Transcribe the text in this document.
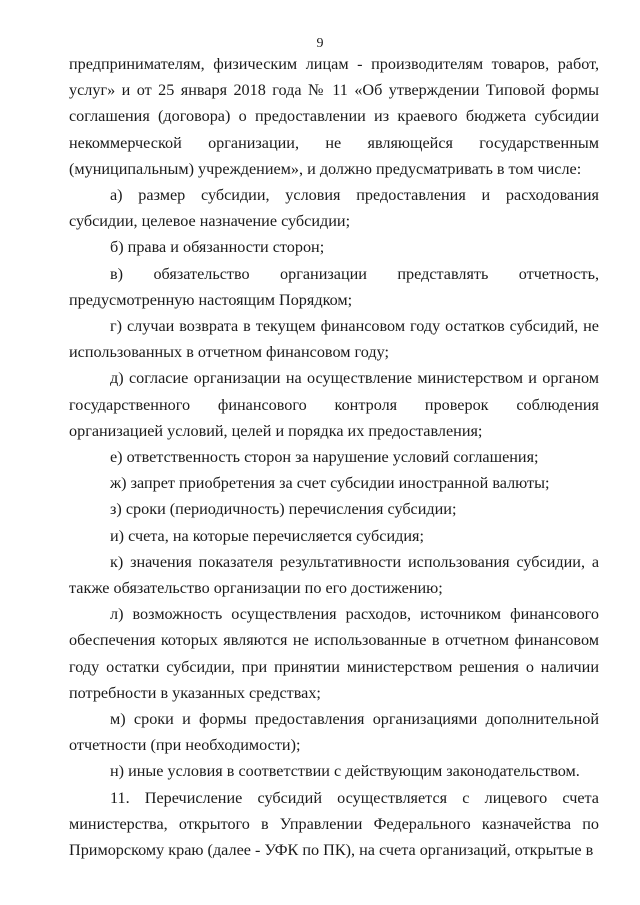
9

предпринимателям, физическим лицам - производителям товаров, работ, услуг» и от 25 января 2018 года № 11 «Об утверждении Типовой формы соглашения (договора) о предоставлении из краевого бюджета субсидии некоммерческой организации, не являющейся государственным (муниципальным) учреждением», и должно предусматривать в том числе:

а) размер субсидии, условия предоставления и расходования субсидии, целевое назначение субсидии;

б) права и обязанности сторон;

в) обязательство организации представлять отчетность, предусмотренную настоящим Порядком;

г) случаи возврата в текущем финансовом году остатков субсидий, не использованных в отчетном финансовом году;

д) согласие организации на осуществление министерством и органом государственного финансового контроля проверок соблюдения организацией условий, целей и порядка их предоставления;

е) ответственность сторон за нарушение условий соглашения;

ж) запрет приобретения за счет субсидии иностранной валюты;

з) сроки (периодичность) перечисления субсидии;

и) счета, на которые перечисляется субсидия;

к) значения показателя результативности использования субсидии, а также обязательство организации по его достижению;

л) возможность осуществления расходов, источником финансового обеспечения которых являются не использованные в отчетном финансовом году остатки субсидии, при принятии министерством решения о наличии потребности в указанных средствах;

м) сроки и формы предоставления организациями дополнительной отчетности (при необходимости);

н) иные условия в соответствии с действующим законодательством.

11. Перечисление субсидий осуществляется с лицевого счета министерства, открытого в Управлении Федерального казначейства по Приморскому краю (далее - УФК по ПК), на счета организаций, открытые в
